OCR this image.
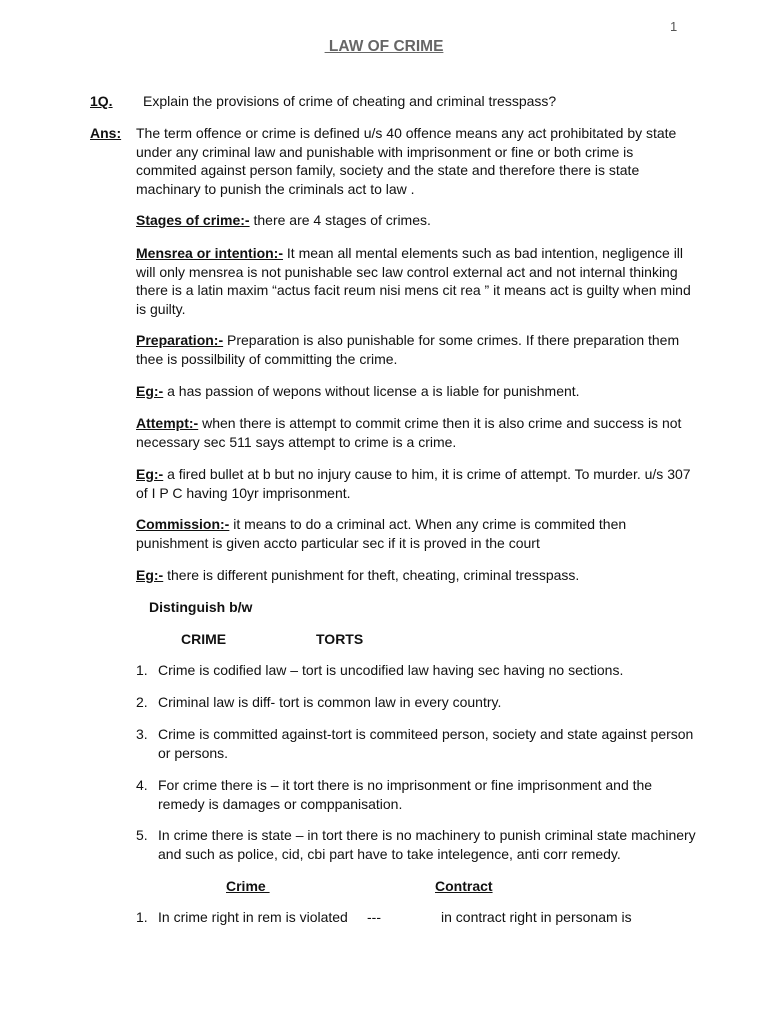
1
LAW OF CRIME
1Q. Explain the provisions of crime of cheating and criminal tresspass?
Ans: The term offence or crime is defined u/s 40 offence means any act prohibitated by state under any criminal law and punishable with imprisonment or fine or both crime is commited against person family, society and the state and therefore there is state machinary to punish the criminals act to law .
Stages of crime:- there are 4 stages of crimes.
Mensrea or intention:- It mean all mental elements such as bad intention, negligence ill will only mensrea is not punishable sec law control external act and not internal thinking there is a latin maxim “actus facit reum nisi mens cit rea ” it means act is guilty when mind is guilty.
Preparation:- Preparation is also punishable for some crimes. If there preparation them thee is possilbility of committing the crime.
Eg:- a has passion of wepons without license a is liable for punishment.
Attempt:- when there is attempt to commit crime then it is also crime and success is not necessary sec 511 says attempt to crime is a crime.
Eg:- a fired bullet at b but no injury cause to him, it is crime of attempt. To murder. u/s 307 of I P C having 10yr imprisonment.
Commission:- it means to do a criminal act. When any crime is commited then punishment is given accto particular sec if it is proved in the court
Eg:- there is different punishment for theft, cheating, criminal tresspass.
Distinguish b/w
CRIME	TORTS
1. Crime is codified law – tort is uncodified law having sec having no sections.
2. Criminal law is diff- tort is common law in every country.
3. Crime is committed against-tort is commiteed person, society and state against person or persons.
4. For crime there is – it tort there is no imprisonment or fine imprisonment and the remedy is damages or comppanisation.
5. In crime there is state – in tort there is no machinery to punish criminal state machinery and such as police, cid, cbi part have to take intelegence, anti corr remedy.
Crime	Contract
1. In crime right in rem is violated ---	in contract right in personam is
